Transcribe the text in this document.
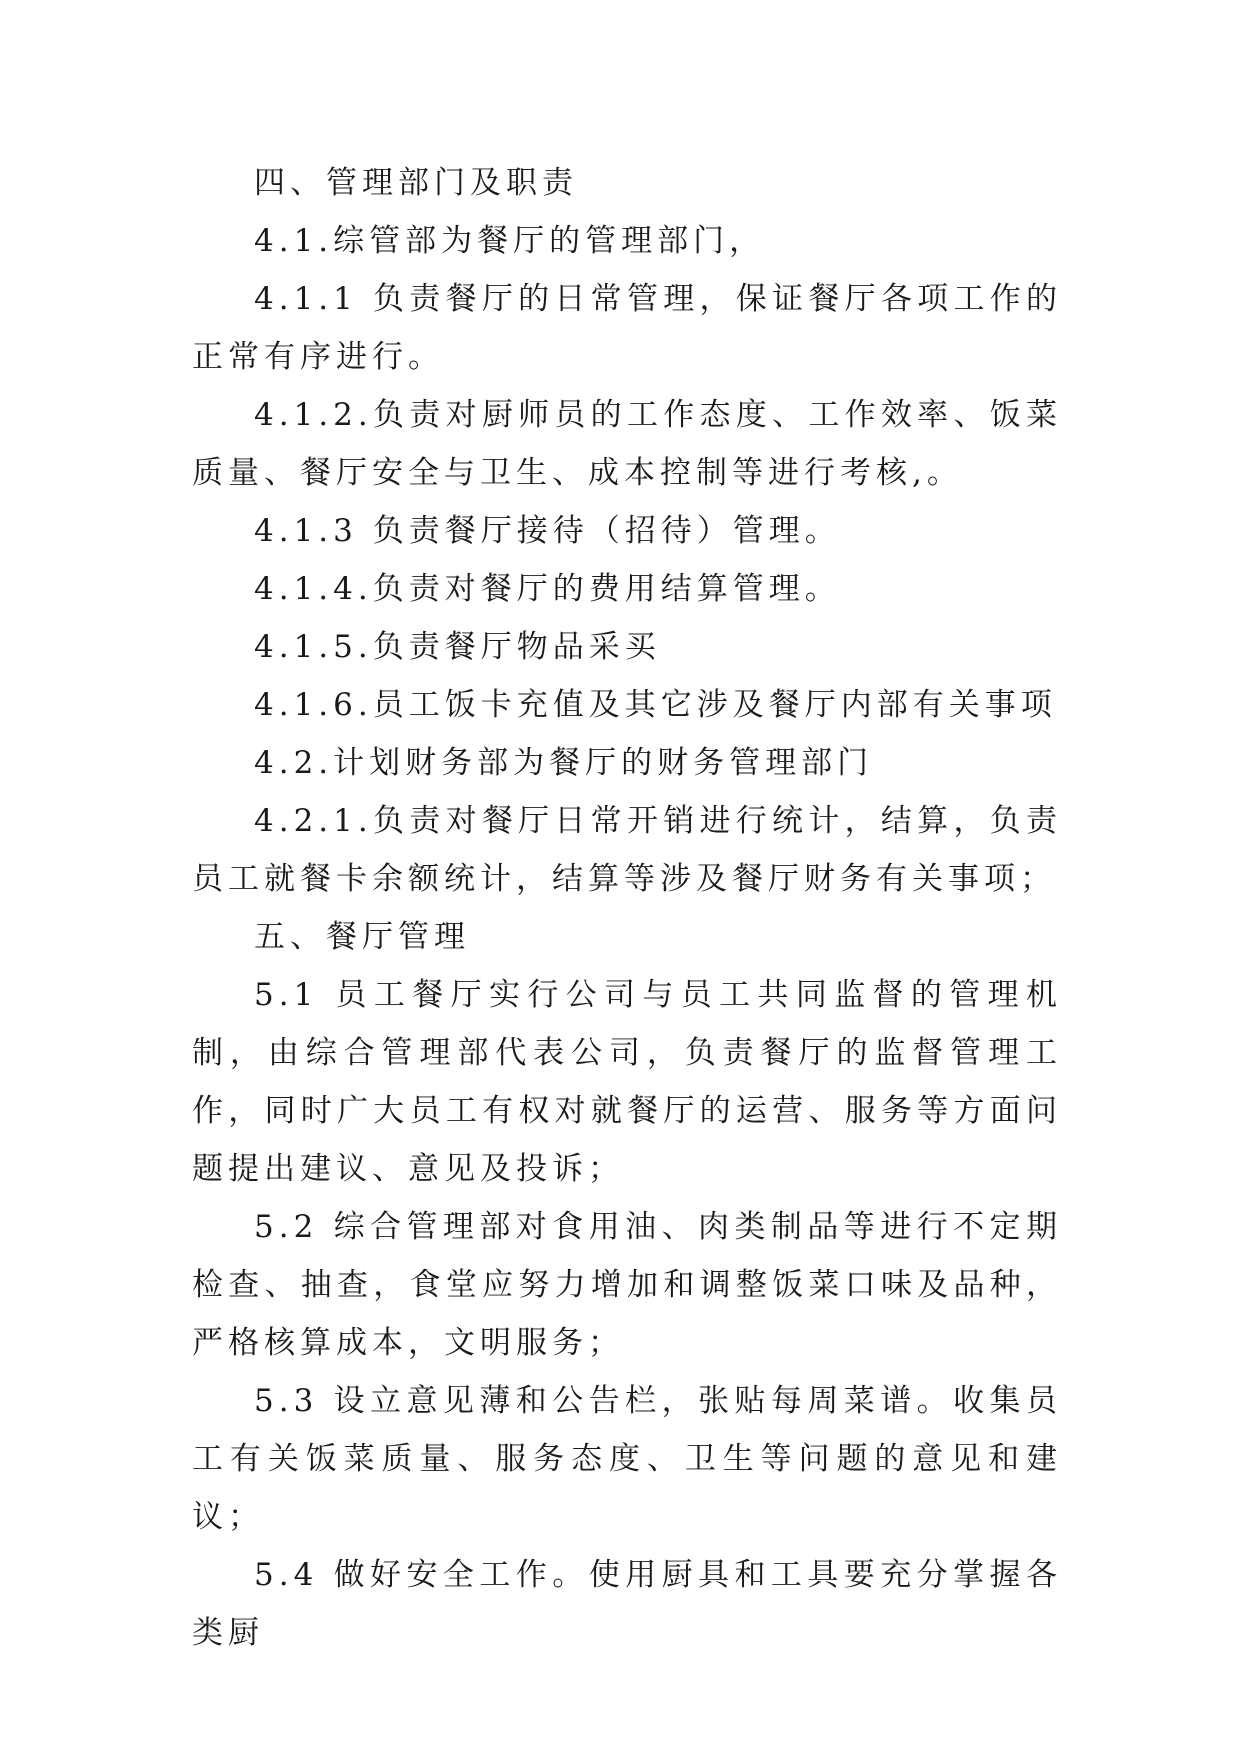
四、管理部门及职责

4.1.综管部为餐厅的管理部门，

4.1.1 负责餐厅的日常管理，保证餐厅各项工作的正常有序进行。

4.1.2.负责对厨师员的工作态度、工作效率、饭菜质量、餐厅安全与卫生、成本控制等进行考核,。

4.1.3 负责餐厅接待（招待）管理。

4.1.4.负责对餐厅的费用结算管理。

4.1.5.负责餐厅物品采买

4.1.6.员工饭卡充值及其它涉及餐厅内部有关事项

4.2.计划财务部为餐厅的财务管理部门

4.2.1.负责对餐厅日常开销进行统计，结算，负责员工就餐卡余额统计，结算等涉及餐厅财务有关事项；

五、餐厅管理

5.1 员工餐厅实行公司与员工共同监督的管理机制，由综合管理部代表公司，负责餐厅的监督管理工作，同时广大员工有权对就餐厅的运营、服务等方面问题提出建议、意见及投诉；

5.2 综合管理部对食用油、肉类制品等进行不定期检查、抽查，食堂应努力增加和调整饭菜口味及品种，严格核算成本，文明服务；

5.3 设立意见薄和公告栏，张贴每周菜谱。收集员工有关饭菜质量、服务态度、卫生等问题的意见和建议；

5.4 做好安全工作。使用厨具和工具要充分掌握各类厨
